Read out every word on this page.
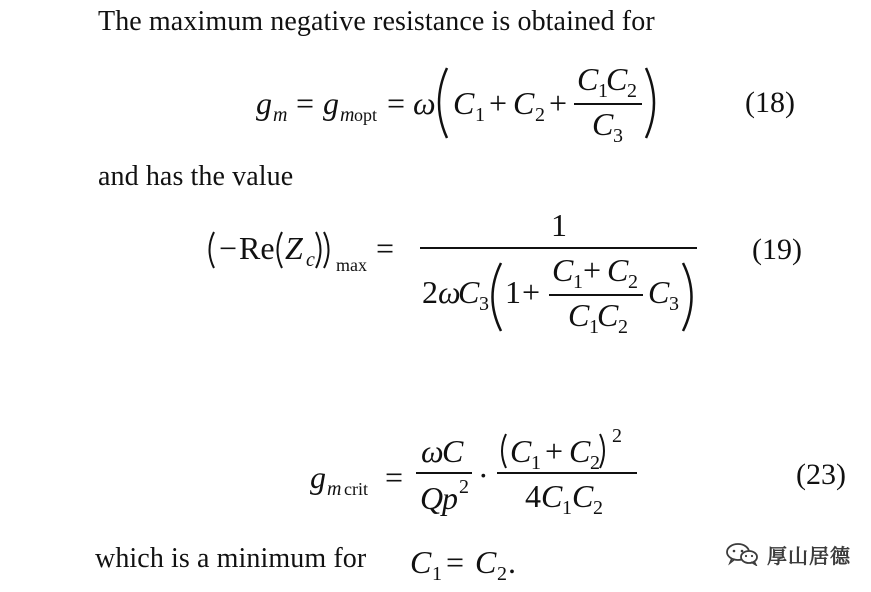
The maximum negative resistance is obtained for
and has the value
which is a minimum for
g m = g m opt = ω C 1 + C 2 +
C 1
C 2
C 3
(18)
− Re Z c max =
1
2 ω
C 3 1 +
C 1 + C 2
C 1
C 2
C 3
(19)
g m crit =
ω
C
Q
p 2 ·
C 1 + C 2
2
4 C 1 C 2
(23)
C 1 = C 2 .	厚山居德
